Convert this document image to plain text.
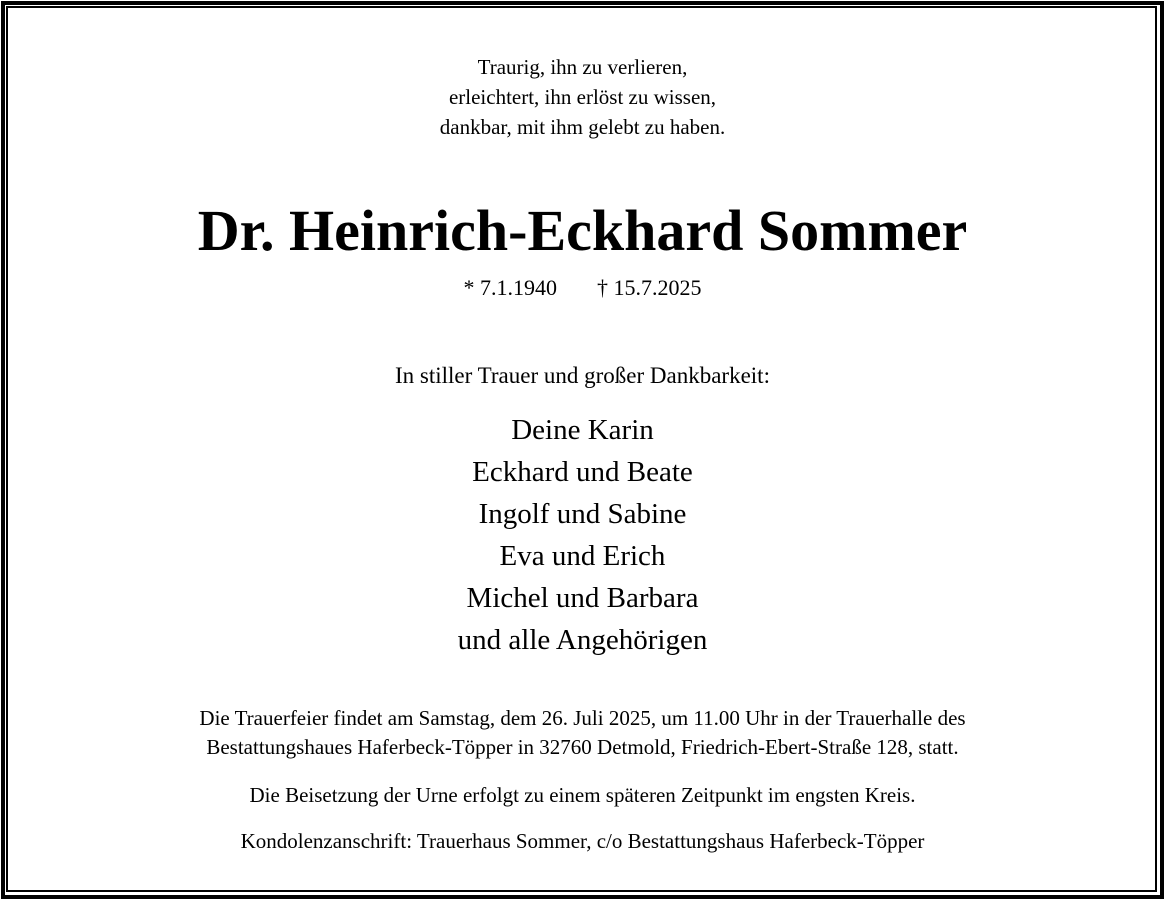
Traurig, ihn zu verlieren,
erleichtert, ihn erlöst zu wissen,
dankbar, mit ihm gelebt zu haben.
Dr. Heinrich-Eckhard Sommer
* 7.1.1940 † 15.7.2025
In stiller Trauer und großer Dankbarkeit:
Deine Karin
Eckhard und Beate
Ingolf und Sabine
Eva und Erich
Michel und Barbara
und alle Angehörigen
Die Trauerfeier findet am Samstag, dem 26. Juli 2025, um 11.00 Uhr in der Trauerhalle des
Bestattungshaues Haferbeck-Töpper in 32760 Detmold, Friedrich-Ebert-Straße 128, statt.
Die Beisetzung der Urne erfolgt zu einem späteren Zeitpunkt im engsten Kreis.
Kondolenzanschrift: Trauerhaus Sommer, c/o Bestattungshaus Haferbeck-Töpper
